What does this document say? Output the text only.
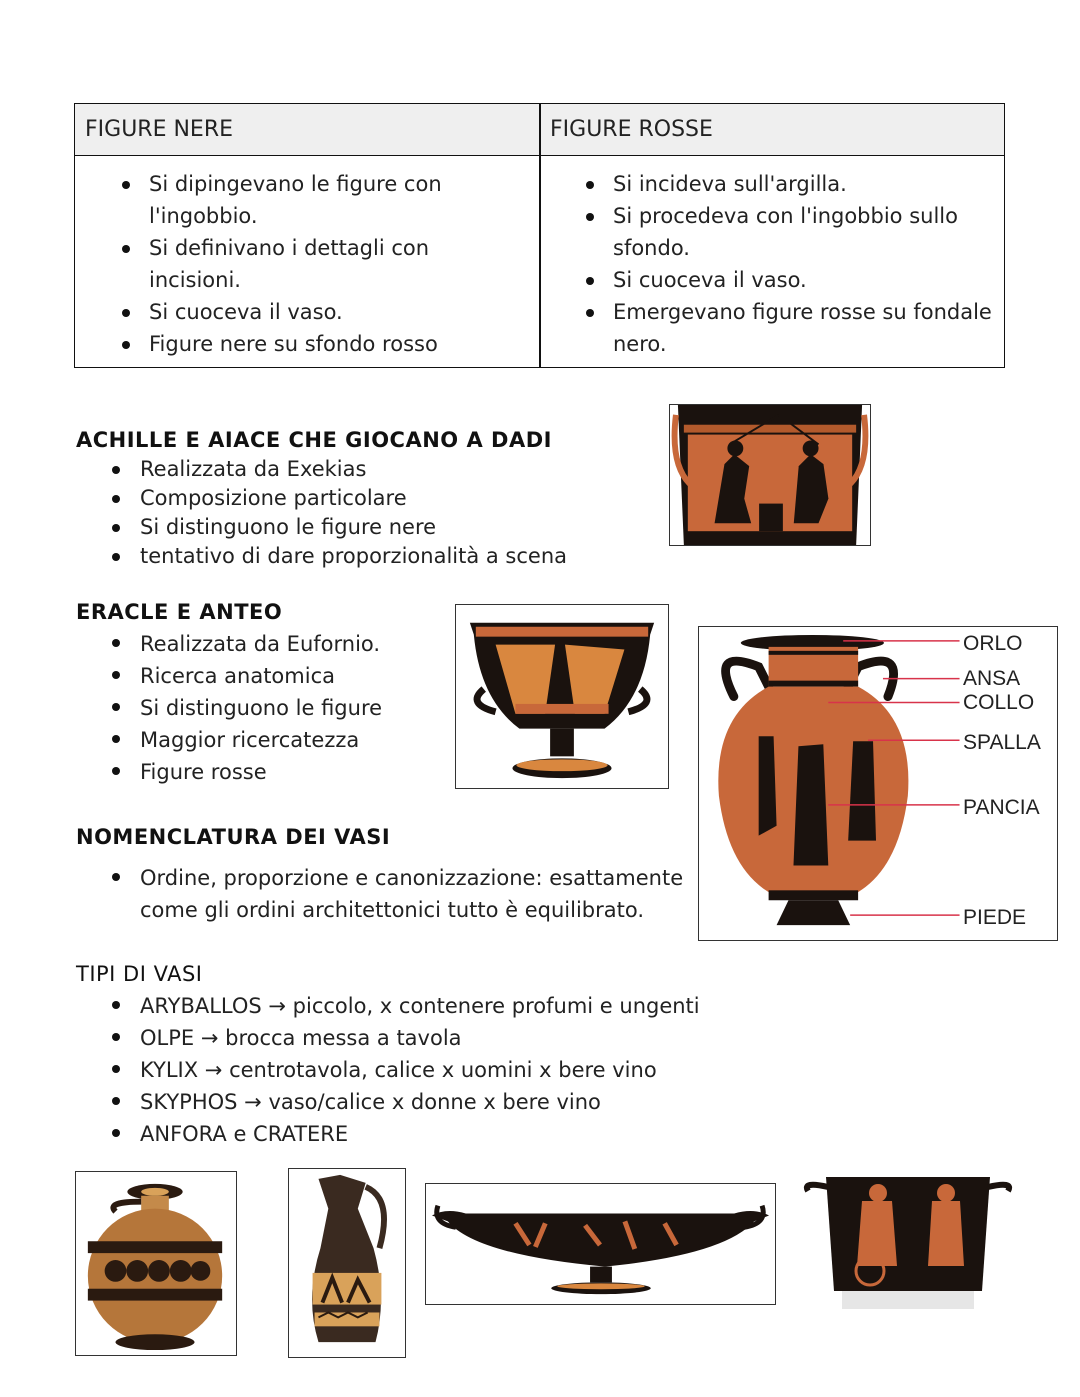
FIGURE NERE	FIGURE ROSSE
Si dipingevano le figure con l'ingobbio.
Si definivano i dettagli con incisioni.
Si cuoceva il vaso.
Figure nere su sfondo rosso
Si incideva sull'argilla.
Si procedeva con l'ingobbio sullo sfondo.
Si cuoceva il vaso.
Emergevano figure rosse su fondale nero.
ACHILLE E AIACE CHE GIOCANO A DADI
Realizzata da Exekias
Composizione particolare
Si distinguono le figure nere
tentativo di dare proporzionalità a scena
ERACLE E ANTEO
Realizzata da Eufornio.
Ricerca anatomica
Si distinguono le figure
Maggior ricercatezza
Figure rosse
NOMENCLATURA DEI VASI
Ordine, proporzione e canonizzazione: esattamente come gli ordini architettonici tutto è equilibrato.
ORLO
ANSA
COLLO
SPALLA
PANCIA
PIEDE
TIPI DI VASI
ARYBALLOS → piccolo, x contenere profumi e ungenti
OLPE → brocca messa a tavola
KYLIX → centrotavola, calice x uomini x bere vino
SKYPHOS → vaso/calice x donne x bere vino
ANFORA e CRATERE
